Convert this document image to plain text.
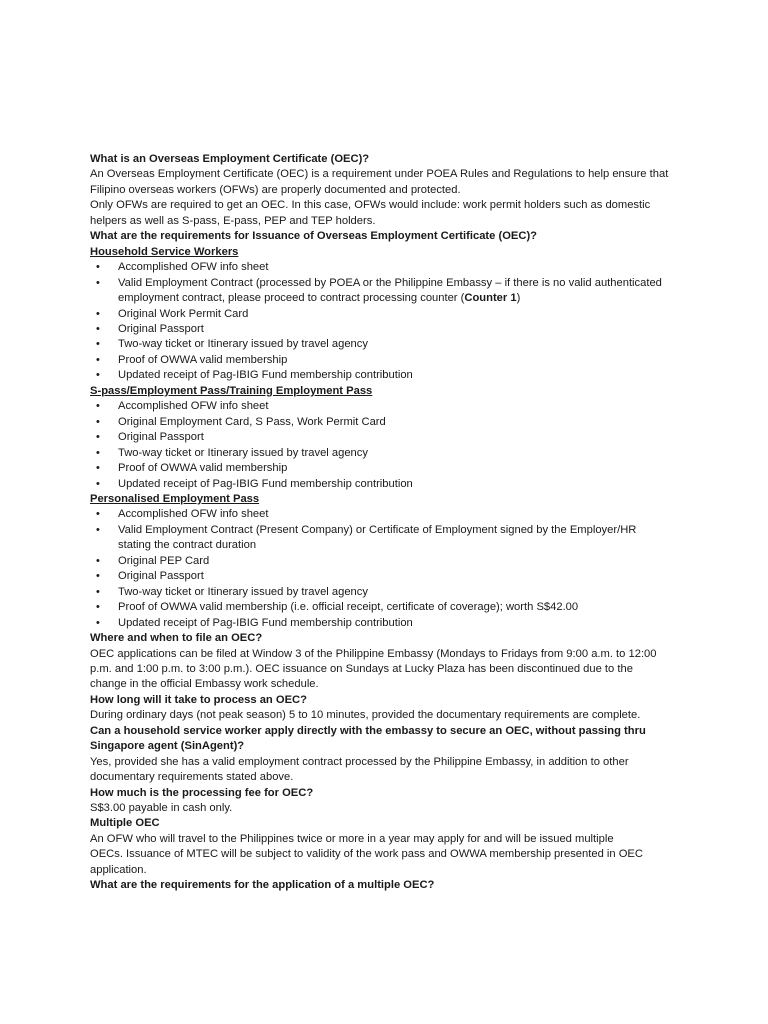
What is an Overseas Employment Certificate (OEC)?
An Overseas Employment Certificate (OEC) is a requirement under POEA Rules and Regulations to help ensure that
Filipino overseas workers (OFWs) are properly documented and protected.
Only OFWs are required to get an OEC. In this case, OFWs would include: work permit holders such as domestic
helpers as well as S-pass, E-pass, PEP and TEP holders.
What are the requirements for Issuance of Overseas Employment Certificate (OEC)?
Household Service Workers
• Accomplished OFW info sheet
• Valid Employment Contract (processed by POEA or the Philippine Embassy – if there is no valid authenticated
employment contract, please proceed to contract processing counter (Counter 1)
• Original Work Permit Card
• Original Passport
• Two-way ticket or Itinerary issued by travel agency
• Proof of OWWA valid membership
• Updated receipt of Pag-IBIG Fund membership contribution
S-pass/Employment Pass/Training Employment Pass
• Accomplished OFW info sheet
• Original Employment Card, S Pass, Work Permit Card
• Original Passport
• Two-way ticket or Itinerary issued by travel agency
• Proof of OWWA valid membership
• Updated receipt of Pag-IBIG Fund membership contribution
Personalised Employment Pass
• Accomplished OFW info sheet
• Valid Employment Contract (Present Company) or Certificate of Employment signed by the Employer/HR
stating the contract duration
• Original PEP Card
• Original Passport
• Two-way ticket or Itinerary issued by travel agency
• Proof of OWWA valid membership (i.e. official receipt, certificate of coverage); worth S$42.00
• Updated receipt of Pag-IBIG Fund membership contribution
Where and when to file an OEC?
OEC applications can be filed at Window 3 of the Philippine Embassy (Mondays to Fridays from 9:00 a.m. to 12:00
p.m. and 1:00 p.m. to 3:00 p.m.). OEC issuance on Sundays at Lucky Plaza has been discontinued due to the
change in the official Embassy work schedule.
How long will it take to process an OEC?
During ordinary days (not peak season) 5 to 10 minutes, provided the documentary requirements are complete.
Can a household service worker apply directly with the embassy to secure an OEC, without passing thru
Singapore agent (SinAgent)?
Yes, provided she has a valid employment contract processed by the Philippine Embassy, in addition to other
documentary requirements stated above.
How much is the processing fee for OEC?
S$3.00 payable in cash only.
Multiple OEC
An OFW who will travel to the Philippines twice or more in a year may apply for and will be issued multiple
OECs. Issuance of MTEC will be subject to validity of the work pass and OWWA membership presented in OEC
application.
What are the requirements for the application of a multiple OEC?
